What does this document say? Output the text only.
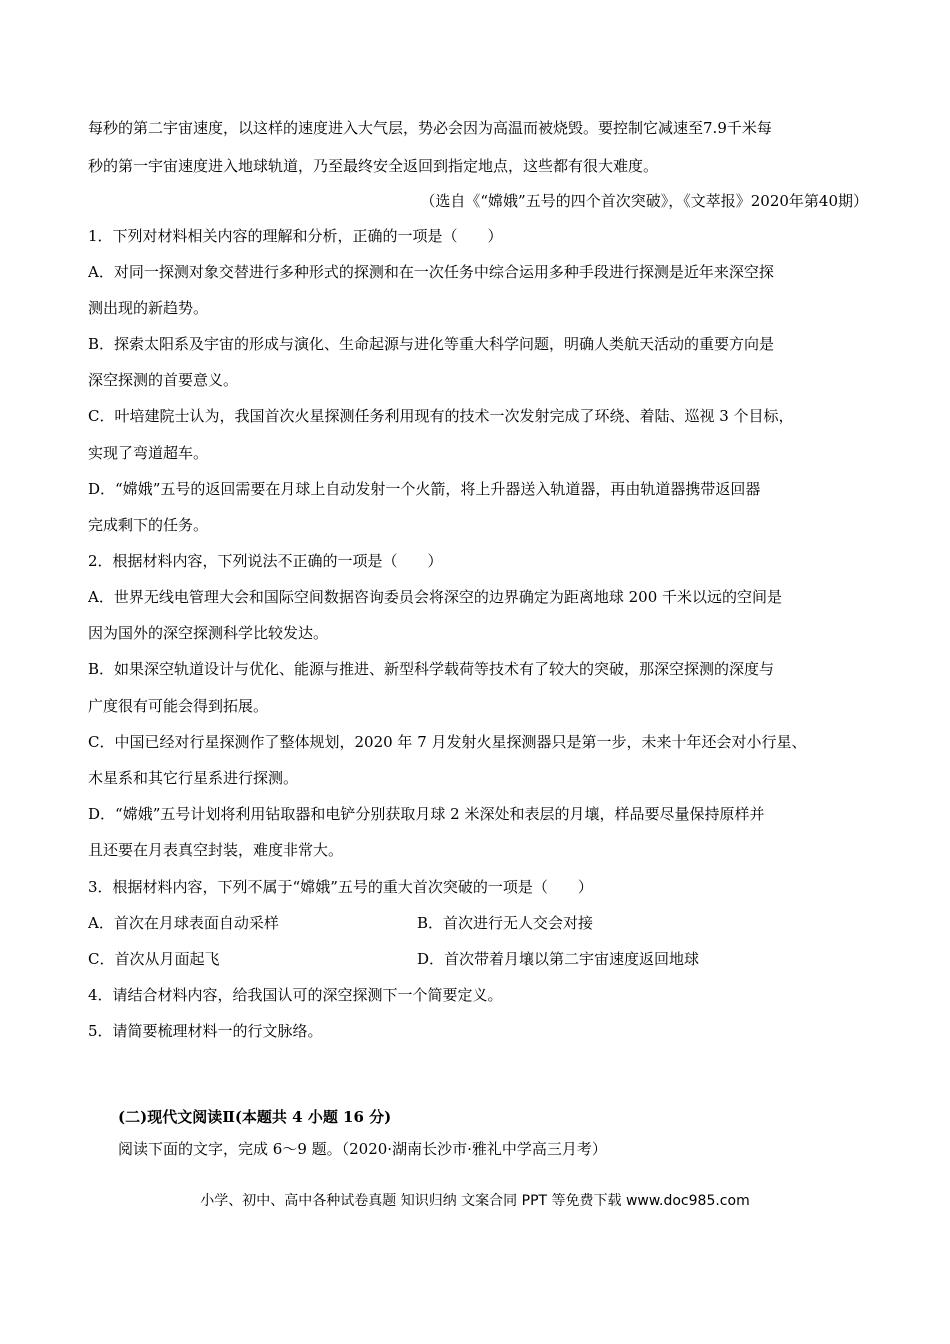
每秒的第二宇宙速度，以这样的速度进入大气层，势必会因为高温而被烧毁。要控制它减速至7.9千米每
秒的第一宇宙速度进入地球轨道，乃至最终安全返回到指定地点，这些都有很大难度。
（选自《“嫦娥”五号的四个首次突破》，《文萃报》2020年第40期）
1．下列对材料相关内容的理解和分析，正确的一项是（　　）
A．对同一探测对象交替进行多种形式的探测和在一次任务中综合运用多种手段进行探测是近年来深空探
测出现的新趋势。
B．探索太阳系及宇宙的形成与演化、生命起源与进化等重大科学问题，明确人类航天活动的重要方向是
深空探测的首要意义。
C．叶培建院士认为，我国首次火星探测任务利用现有的技术一次发射完成了环绕、着陆、巡视 3 个目标，
实现了弯道超车。
D．“嫦娥”五号的返回需要在月球上自动发射一个火箭，将上升器送入轨道器，再由轨道器携带返回器
完成剩下的任务。
2．根据材料内容，下列说法不正确的一项是（　　）
A．世界无线电管理大会和国际空间数据咨询委员会将深空的边界确定为距离地球 200 千米以远的空间是
因为国外的深空探测科学比较发达。
B．如果深空轨道设计与优化、能源与推进、新型科学载荷等技术有了较大的突破，那深空探测的深度与
广度很有可能会得到拓展。
C．中国已经对行星探测作了整体规划，2020 年 7 月发射火星探测器只是第一步，未来十年还会对小行星、
木星系和其它行星系进行探测。
D．“嫦娥”五号计划将利用钻取器和电铲分别获取月球 2 米深处和表层的月壤，样品要尽量保持原样并
且还要在月表真空封装，难度非常大。
3．根据材料内容，下列不属于“嫦娥”五号的重大首次突破的一项是（　　）
A．首次在月球表面自动采样	B．首次进行无人交会对接
C．首次从月面起飞	D．首次带着月壤以第二宇宙速度返回地球
4．请结合材料内容，给我国认可的深空探测下一个简要定义。
5．请简要梳理材料一的行文脉络。
(二)现代文阅读Ⅱ(本题共 4 小题 16 分)
阅读下面的文字，完成 6～9 题。（2020·湖南长沙市·雅礼中学高三月考）
小学、初中、高中各种试卷真题 知识归纳 文案合同 PPT 等免费下载 www.doc985.com
